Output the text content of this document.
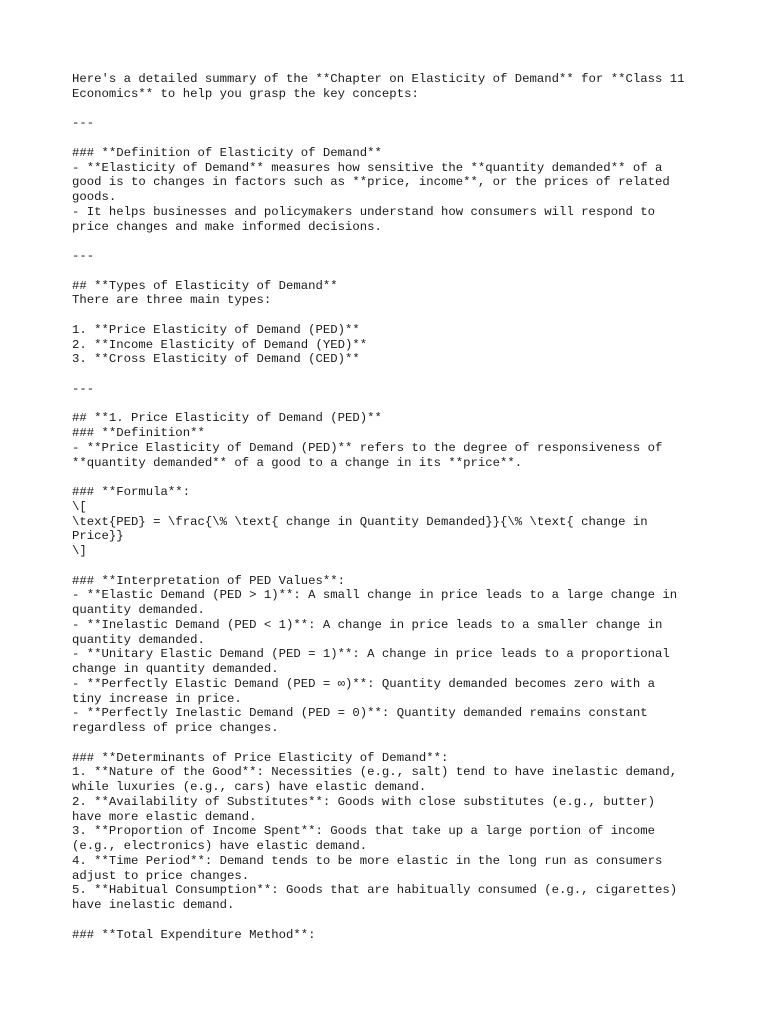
Here's a detailed summary of the **Chapter on Elasticity of Demand** for **Class 11
Economics** to help you grasp the key concepts:
---
### **Definition of Elasticity of Demand**
- **Elasticity of Demand** measures how sensitive the **quantity demanded** of a
good is to changes in factors such as **price, income**, or the prices of related
goods.
- It helps businesses and policymakers understand how consumers will respond to
price changes and make informed decisions.
---
## **Types of Elasticity of Demand**
There are three main types:
1. **Price Elasticity of Demand (PED)**
2. **Income Elasticity of Demand (YED)**
3. **Cross Elasticity of Demand (CED)**
---
## **1. Price Elasticity of Demand (PED)**
### **Definition**
- **Price Elasticity of Demand (PED)** refers to the degree of responsiveness of
**quantity demanded** of a good to a change in its **price**.
### **Formula**:
\[
\text{PED} = \frac{\% \text{ change in Quantity Demanded}}{\% \text{ change in
Price}}
\]
### **Interpretation of PED Values**:
- **Elastic Demand (PED > 1)**: A small change in price leads to a large change in
quantity demanded.
- **Inelastic Demand (PED < 1)**: A change in price leads to a smaller change in
quantity demanded.
- **Unitary Elastic Demand (PED = 1)**: A change in price leads to a proportional
change in quantity demanded.
- **Perfectly Elastic Demand (PED = ∞)**: Quantity demanded becomes zero with a
tiny increase in price.
- **Perfectly Inelastic Demand (PED = 0)**: Quantity demanded remains constant
regardless of price changes.
### **Determinants of Price Elasticity of Demand**:
1. **Nature of the Good**: Necessities (e.g., salt) tend to have inelastic demand,
while luxuries (e.g., cars) have elastic demand.
2. **Availability of Substitutes**: Goods with close substitutes (e.g., butter)
have more elastic demand.
3. **Proportion of Income Spent**: Goods that take up a large portion of income
(e.g., electronics) have elastic demand.
4. **Time Period**: Demand tends to be more elastic in the long run as consumers
adjust to price changes.
5. **Habitual Consumption**: Goods that are habitually consumed (e.g., cigarettes)
have inelastic demand.
### **Total Expenditure Method**:
